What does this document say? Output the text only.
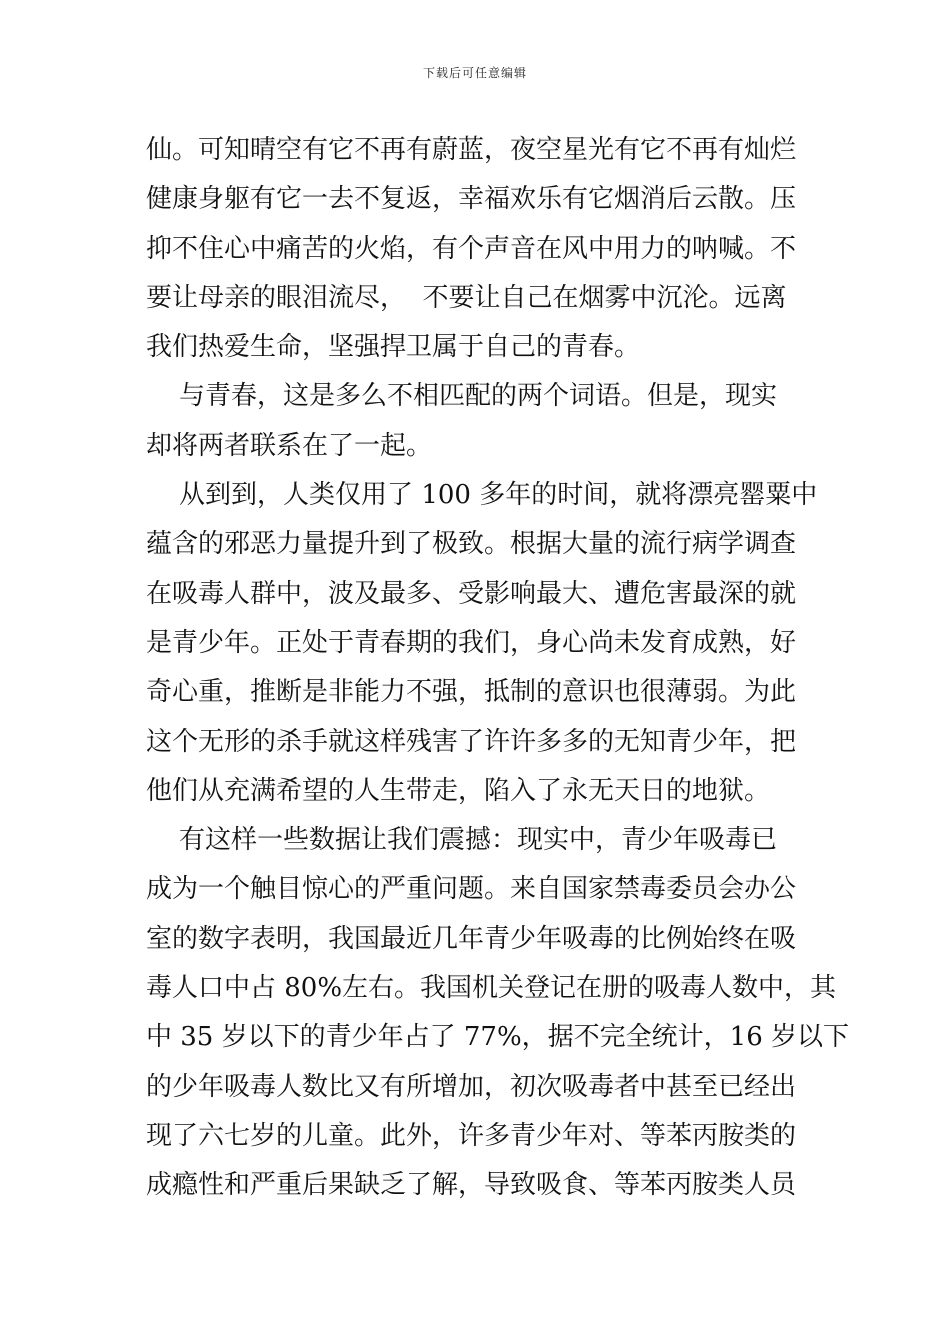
下载后可任意编辑
仙。可知晴空有它不再有蔚蓝，夜空星光有它不再有灿烂
健康身躯有它一去不复返，幸福欢乐有它烟消后云散。压
抑不住心中痛苦的火焰，有个声音在风中用力的呐喊。不
要让母亲的眼泪流尽，  不要让自己在烟雾中沉沦。远离
我们热爱生命，坚强捍卫属于自己的青春。
与青春，这是多么不相匹配的两个词语。但是，现实
却将两者联系在了一起。
从到到，人类仅用了 100 多年的时间，就将漂亮罂粟中
蕴含的邪恶力量提升到了极致。根据大量的流行病学调查
在吸毒人群中，波及最多、受影响最大、遭危害最深的就
是青少年。正处于青春期的我们，身心尚未发育成熟，好
奇心重，推断是非能力不强，抵制的意识也很薄弱。为此
这个无形的杀手就这样残害了许许多多的无知青少年，把
他们从充满希望的人生带走，陷入了永无天日的地狱。
有这样一些数据让我们震撼：现实中，青少年吸毒已
成为一个触目惊心的严重问题。来自国家禁毒委员会办公
室的数字表明，我国最近几年青少年吸毒的比例始终在吸
毒人口中占 80%左右。我国机关登记在册的吸毒人数中，其
中 35 岁以下的青少年占了 77%，据不完全统计，16 岁以下
的少年吸毒人数比又有所增加，初次吸毒者中甚至已经出
现了六七岁的儿童。此外，许多青少年对、等苯丙胺类的
成瘾性和严重后果缺乏了解，导致吸食、等苯丙胺类人员
